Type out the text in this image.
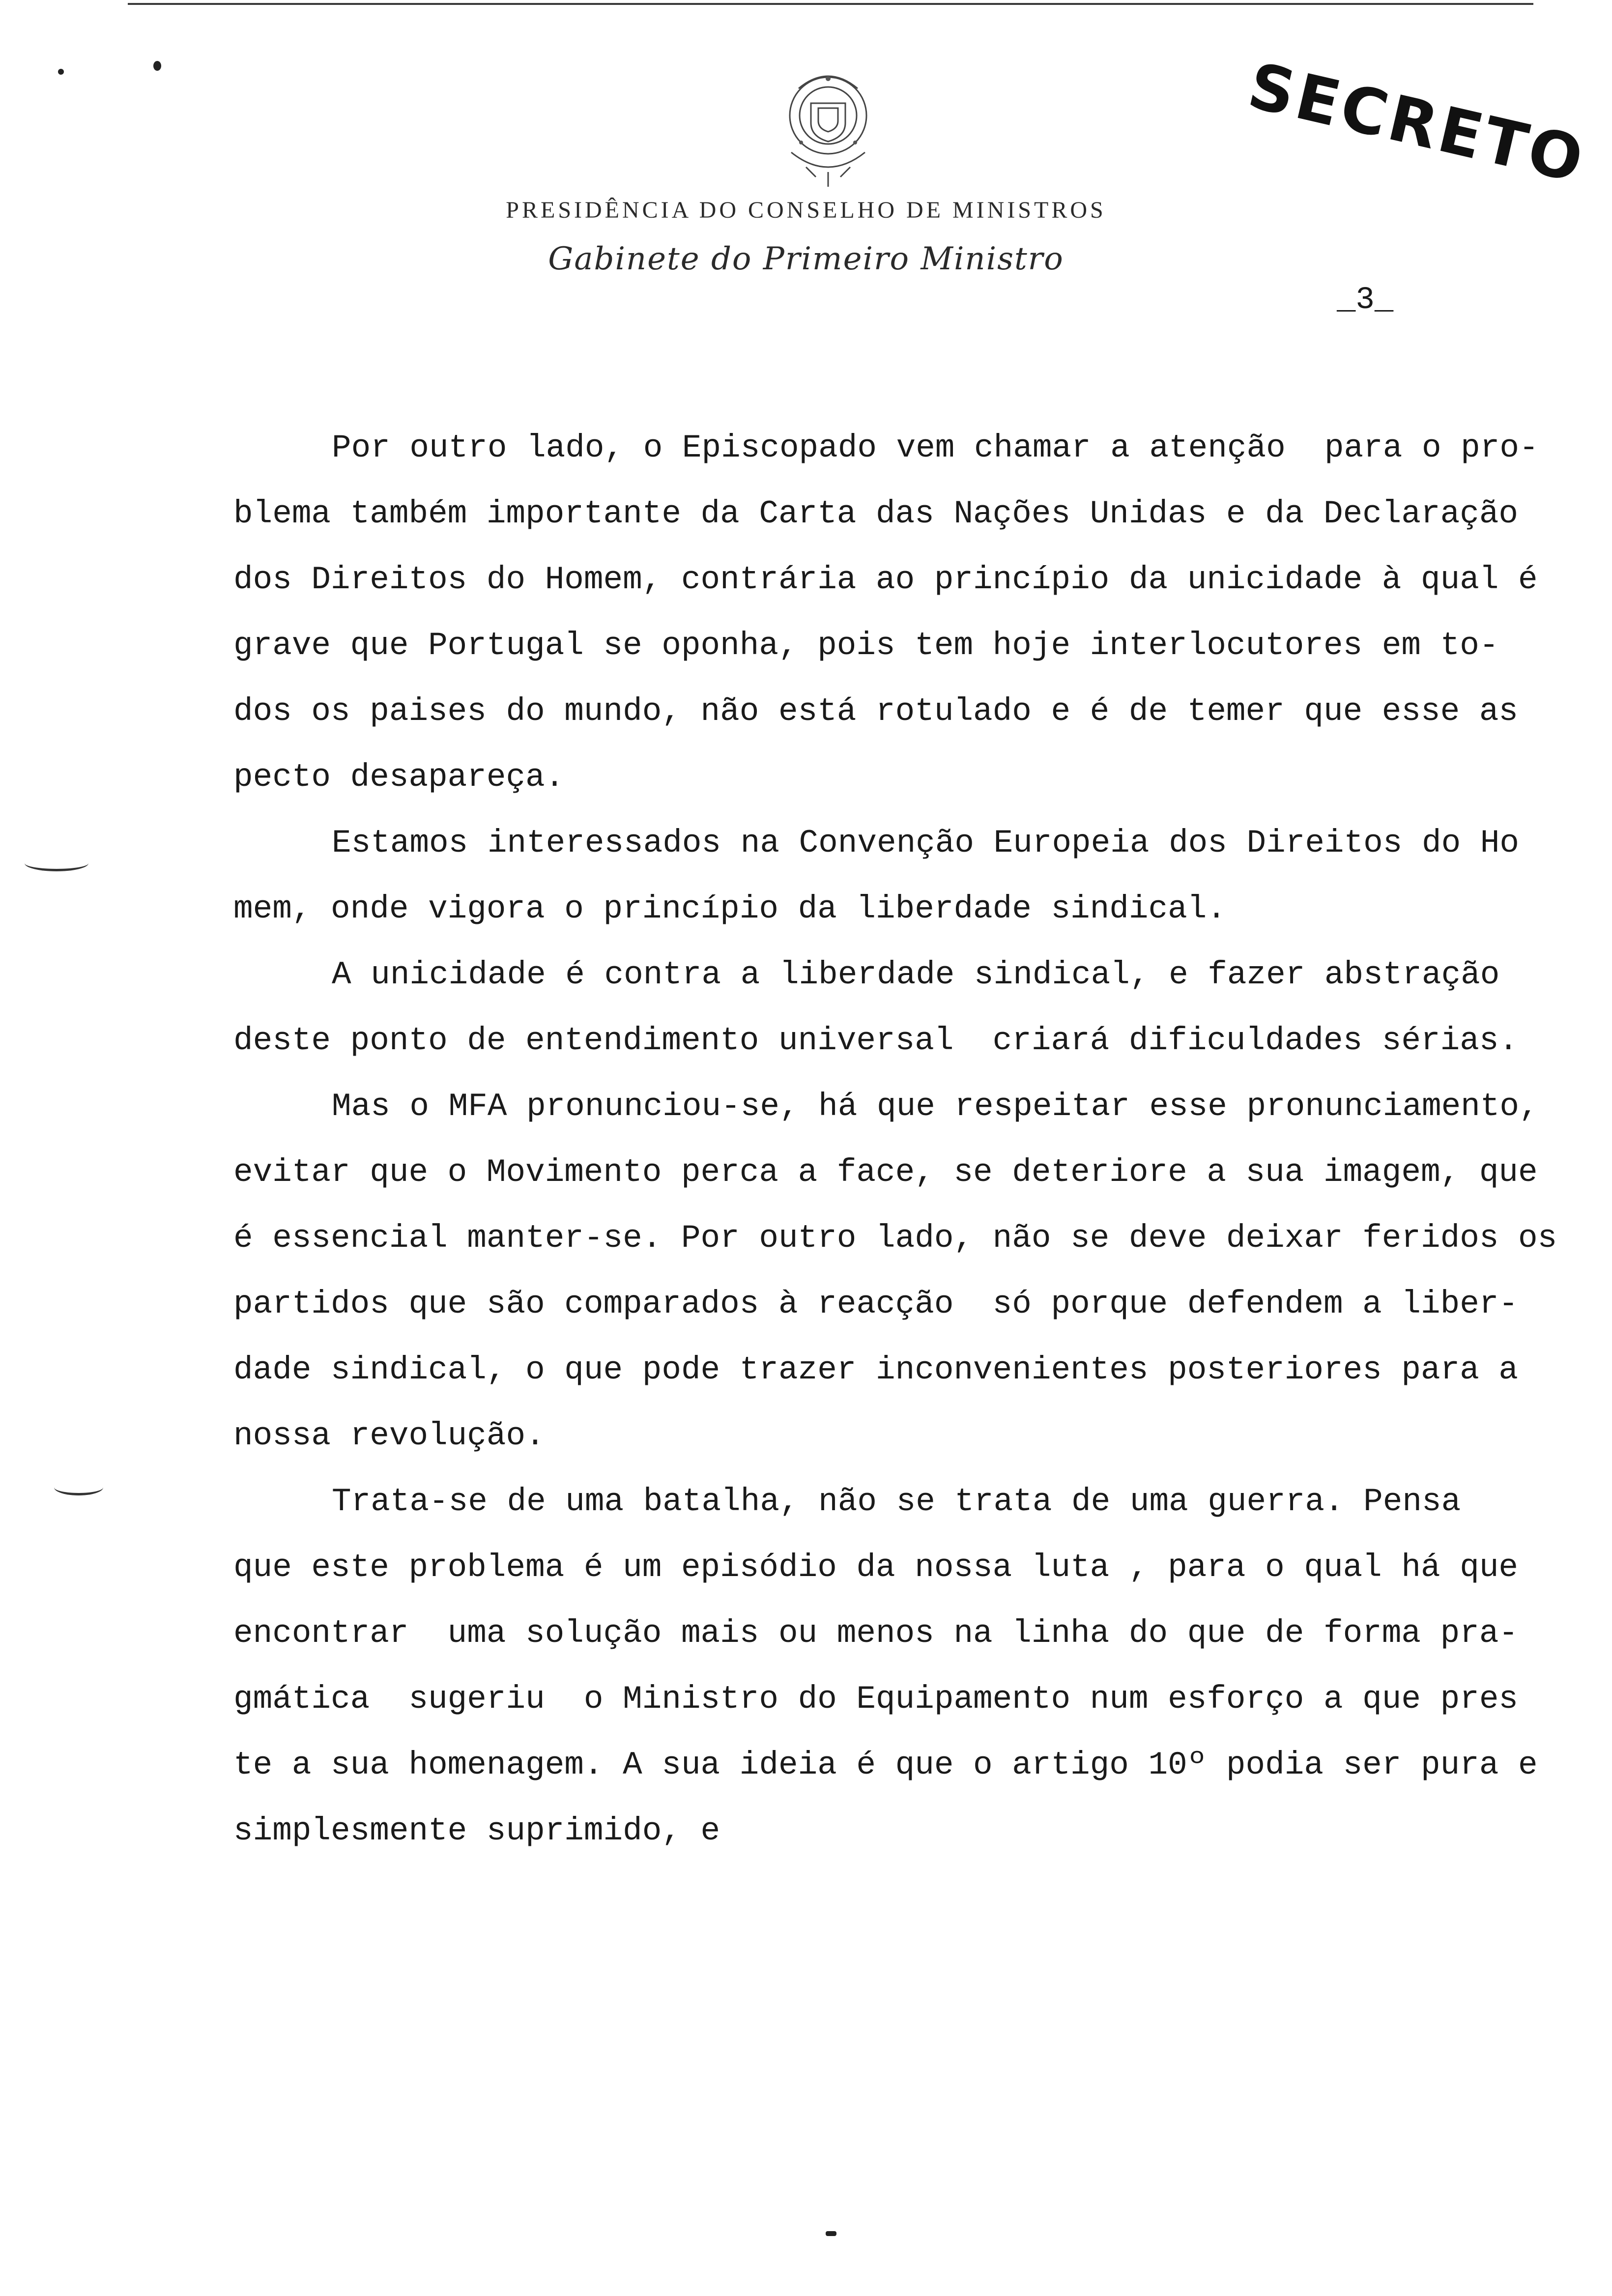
PRESIDÊNCIA DO CONSELHO DE MINISTROS
Gabinete do Primeiro Ministro
SECRETO
_3_
Por outro lado, o Episcopado vem chamar a atenção  para o pro-
blema também importante da Carta das Nações Unidas e da Declaração
dos Direitos do Homem, contrária ao princípio da unicidade à qual é
grave que Portugal se oponha, pois tem hoje interlocutores em to-
dos os paises do mundo, não está rotulado e é de temer que esse as
pecto desapareça.
Estamos interessados na Convenção Europeia dos Direitos do Ho
mem, onde vigora o princípio da liberdade sindical.
A unicidade é contra a liberdade sindical, e fazer abstração
deste ponto de entendimento universal  criará dificuldades sérias.
Mas o MFA pronunciou-se, há que respeitar esse pronunciamento,
evitar que o Movimento perca a face, se deteriore a sua imagem, que
é essencial manter-se. Por outro lado, não se deve deixar feridos os
partidos que são comparados à reacção  só porque defendem a liber-
dade sindical, o que pode trazer inconvenientes posteriores para a
nossa revolução.
Trata-se de uma batalha, não se trata de uma guerra. Pensa
que este problema é um episódio da nossa luta , para o qual há que
encontrar  uma solução mais ou menos na linha do que de forma pra-
gmática  sugeriu  o Ministro do Equipamento num esforço a que pres
te a sua homenagem. A sua ideia é que o artigo 10º podia ser pura e
simplesmente suprimido, e
